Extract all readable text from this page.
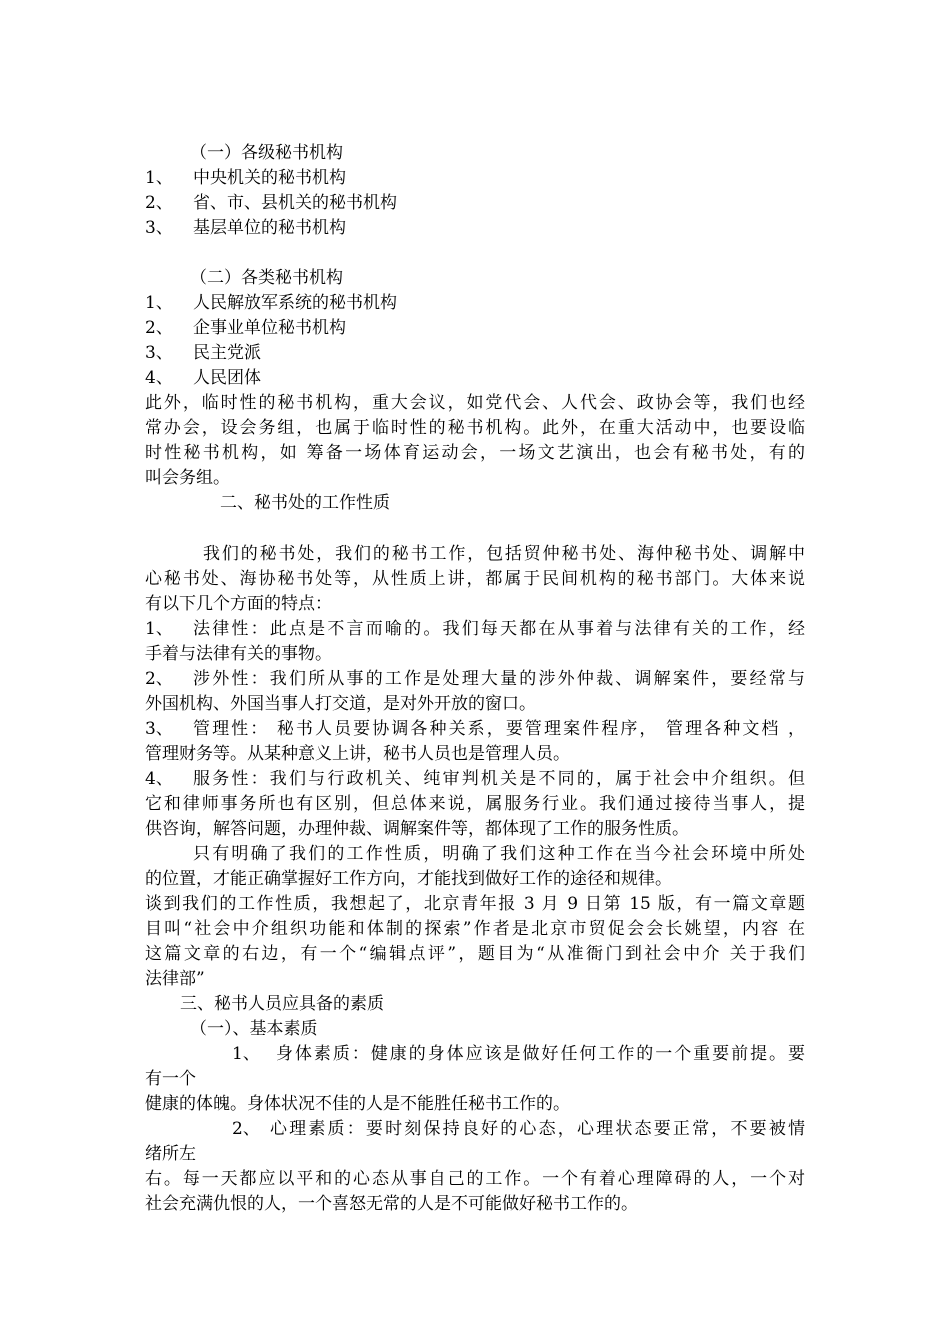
（一）各级秘书机构
1、 中央机关的秘书机构
2、 省、市、县机关的秘书机构
3、 基层单位的秘书机构
（二）各类秘书机构
1、 人民解放军系统的秘书机构
2、 企事业单位秘书机构
3、 民主党派
4、 人民团体
此外，临时性的秘书机构，重大会议，如党代会、人代会、政协会等，我们也经
常办会，设会务组，也属于临时性的秘书机构。此外，在重大活动中，也要设临
时性秘书机构，如 筹备一场体育运动会，一场文艺演出，也会有秘书处，有的
叫会务组。
二、秘书处的工作性质
我们的秘书处，我们的秘书工作，包括贸仲秘书处、海仲秘书处、调解中
心秘书处、海协秘书处等，从性质上讲，都属于民间机构的秘书部门。大体来说
有以下几个方面的特点：
1、 法律性：此点是不言而喻的。我们每天都在从事着与法律有关的工作，经
手着与法律有关的事物。
2、 涉外性：我们所从事的工作是处理大量的涉外仲裁、调解案件，要经常与
外国机构、外国当事人打交道，是对外开放的窗口。
3、 管理性： 秘书人员要协调各种关系，要管理案件程序， 管理各种文档 ，
管理财务等。从某种意义上讲，秘书人员也是管理人员。
4、 服务性：我们与行政机关、纯审判机关是不同的，属于社会中介组织。但
它和律师事务所也有区别，但总体来说，属服务行业。我们通过接待当事人，提
供咨询，解答问题，办理仲裁、调解案件等，都体现了工作的服务性质。
只有明确了我们的工作性质，明确了我们这种工作在当今社会环境中所处
的位置，才能正确掌握好工作方向，才能找到做好工作的途径和规律。
谈到我们的工作性质，我想起了，北京青年报 3 月 9 日第 15 版，有一篇文章题
目叫“社会中介组织功能和体制的探索”作者是北京市贸促会会长姚望，内容 在
这篇文章的右边，有一个“编辑点评”，题目为“从准衙门到社会中介 关于我们
法律部”
三、秘书人员应具备的素质
（一）、基本素质
1、 身体素质：健康的身体应该是做好任何工作的一个重要前提。要
有一个
健康的体魄。身体状况不佳的人是不能胜任秘书工作的。
2、 心理素质：要时刻保持良好的心态，心理状态要正常，不要被情
绪所左
右。每一天都应以平和的心态从事自己的工作。一个有着心理障碍的人，一个对
社会充满仇恨的人，一个喜怒无常的人是不可能做好秘书工作的。
